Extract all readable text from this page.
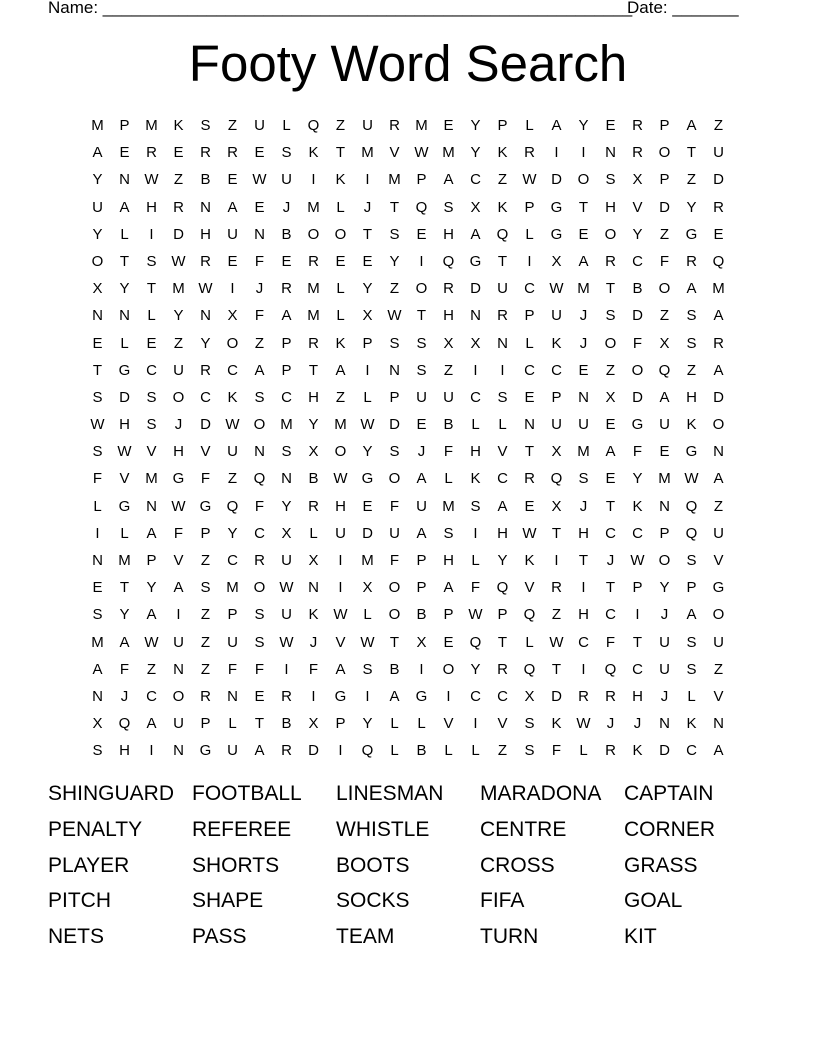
Name: ________________________________________________________
Date: _______
Footy Word Search
M	P	M	K	S	Z	U	L	Q	Z	U	R	M	E	Y	P	L	A	Y	E	R	P	A	Z
A	E	R	E	R	R	E	S	K	T	M	V W M	Y	K	R	I	I	N	R	O	T	U
Y	N W	Z	B	E W U	I	K	I	M	P	A	C	Z	W D	O	S	X	P	Z	D
U	A	H	R	N	A	E	J	M	L	J	T	Q	S	X	K	P	G	T	H	V	D	Y	R
Y	L	I	D	H	U	N	B	O	O	T	S	E	H	A	Q	L	G	E	O	Y	Z	G	E
O	T	S W R	E	F	E	R	E	E	Y	I	Q	G	T	I	X	A	R	C	F	R	Q
X	Y	T	M W	I	J	R	M	L	Y	Z	O	R	D	U	C W M	T	B	O	A	M
N	N	L	Y	N	X	F	A	M	L	X W	T	H	N	R	P	U	J	S	D	Z	S	A
E	L	E	Z	Y	O	Z	P	R	K	P	S	S	X	X	N	L	K	J	O	F	X	S	R
T	G	C	U	R	C	A	P	T	A	I	N	S	Z	I	I	C	C	E	Z	O	Q	Z	A
S	D	S	O	C	K	S	C	H	Z	L	P	U	U	C	S	E	P	N	X	D	A	H	D
W H	S	J	D W O M	Y	M W D	E	B	L	L	N	U	U	E	G	U	K	O
S W V	H	V	U	N	S	X	O	Y	S	J	F	H	V	T	X	M	A	F	E	G	N
F	V	M G	F	Z	Q	N	B W G	O	A	L	K	C	R	Q	S	E	Y	M W A
L	G	N W G	Q	F	Y	R	H	E	F	U	M	S	A	E	X	J	T	K	N	Q	Z
I	L	A	F	P	Y	C	X	L	U	D	U	A	S	I	H W	T	H	C	C	P	Q	U
N	M	P	V	Z	C	R	U	X	I	M	F	P	H	L	Y	K	I	T	J	W O	S	V
E	T	Y	A	S	M O W N	I	X	O	P	A	F	Q	V	R	I	T	P	Y	P	G
S	Y	A	I	Z	P	S	U	K W	L	O	B	P W P	Q	Z	H	C	I	J	A	O
M	A W U	Z	U	S W	J	V W	T	X	E	Q	T	L	W C	F	T	U	S	U
A	F	Z	N	Z	F	F	I	F	A	S	B	I	O	Y	R	Q	T	I	Q	C	U	S	Z
N	J	C	O	R	N	E	R	I	G	I	A	G	I	C	C	X	D	R	R	H	J	L	V
X	Q	A	U	P	L	T	B	X	P	Y	L	L	V	I	V	S	K W	J	J	N	K	N
S	H	I	N	G	U	A	R	D	I	Q	L	B	L	L	Z	S	F	L	R	K	D	C	A
SHINGUARD FOOTBALL	LINESMAN	MARADONA	CAPTAIN
PENALTY	REFEREE	WHISTLE	CENTRE	CORNER
PLAYER	SHORTS	BOOTS	CROSS	GRASS
PITCH	SHAPE	SOCKS	FIFA	GOAL
NETS	PASS	TEAM	TURN	KIT
